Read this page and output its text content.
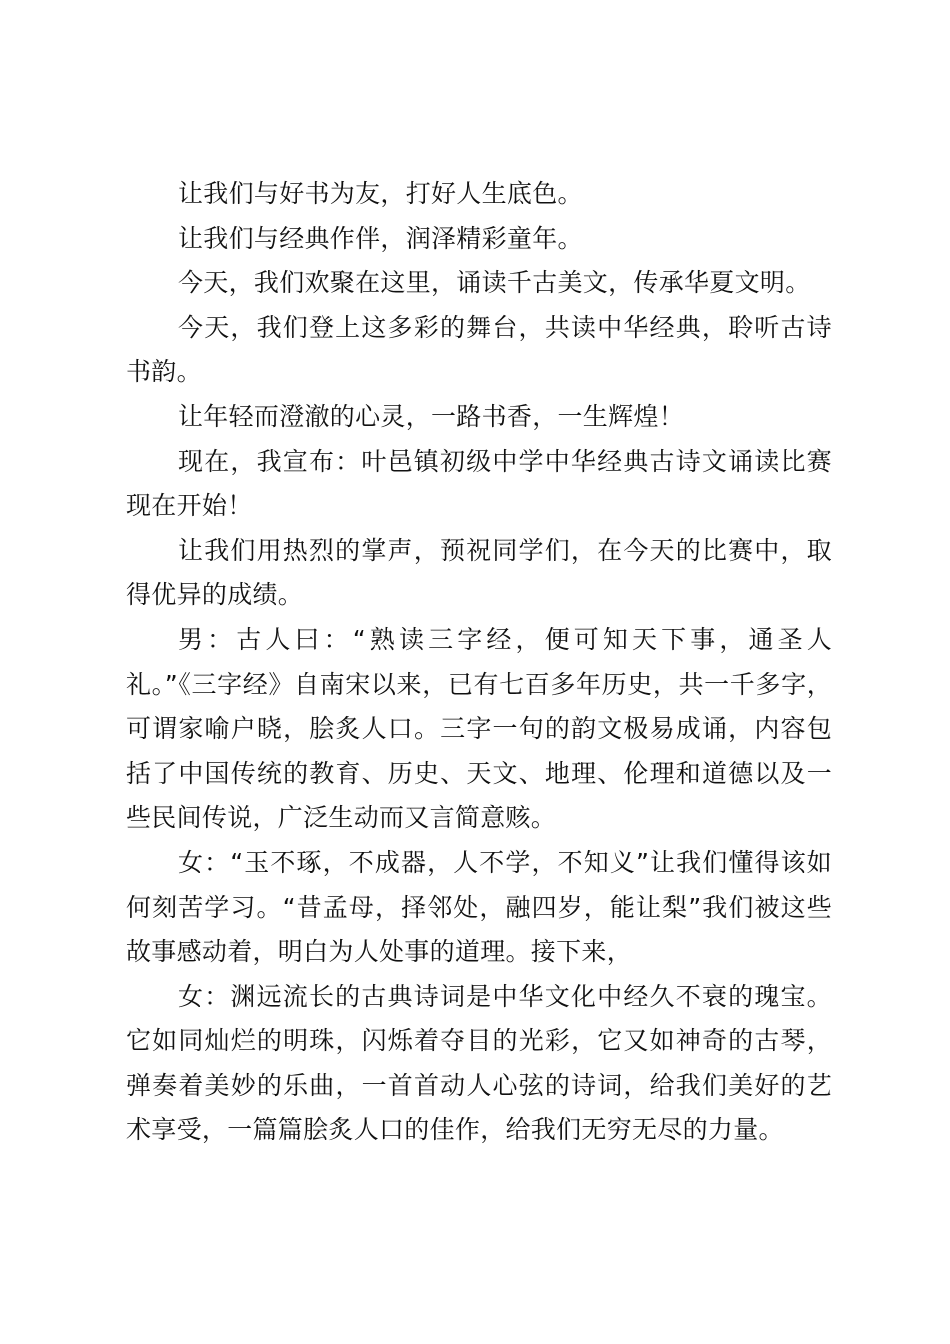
让我们与好书为友，打好人生底色。

让我们与经典作伴，润泽精彩童年。

今天，我们欢聚在这里，诵读千古美文，传承华夏文明。

今天，我们登上这多彩的舞台，共读中华经典，聆听古诗书韵。

让年轻而澄澈的心灵，一路书香，一生辉煌！

现在，我宣布：叶邑镇初级中学中华经典古诗文诵读比赛现在开始！

让我们用热烈的掌声，预祝同学们，在今天的比赛中，取得优异的成绩。

男：古人曰：“熟读三字经，便可知天下事，通圣人礼。”《三字经》自南宋以来，已有七百多年历史，共一千多字，可谓家喻户晓，脍炙人口。三字一句的韵文极易成诵，内容包括了中国传统的教育、历史、天文、地理、伦理和道德以及一些民间传说，广泛生动而又言简意赅。

女：“玉不琢，不成器，人不学，不知义”让我们懂得该如何刻苦学习。“昔孟母，择邻处，融四岁，能让梨”我们被这些故事感动着，明白为人处事的道理。接下来，

女：渊远流长的古典诗词是中华文化中经久不衰的瑰宝。它如同灿烂的明珠，闪烁着夺目的光彩，它又如神奇的古琴，弹奏着美妙的乐曲，一首首动人心弦的诗词，给我们美好的艺术享受，一篇篇脍炙人口的佳作，给我们无穷无尽的力量。
